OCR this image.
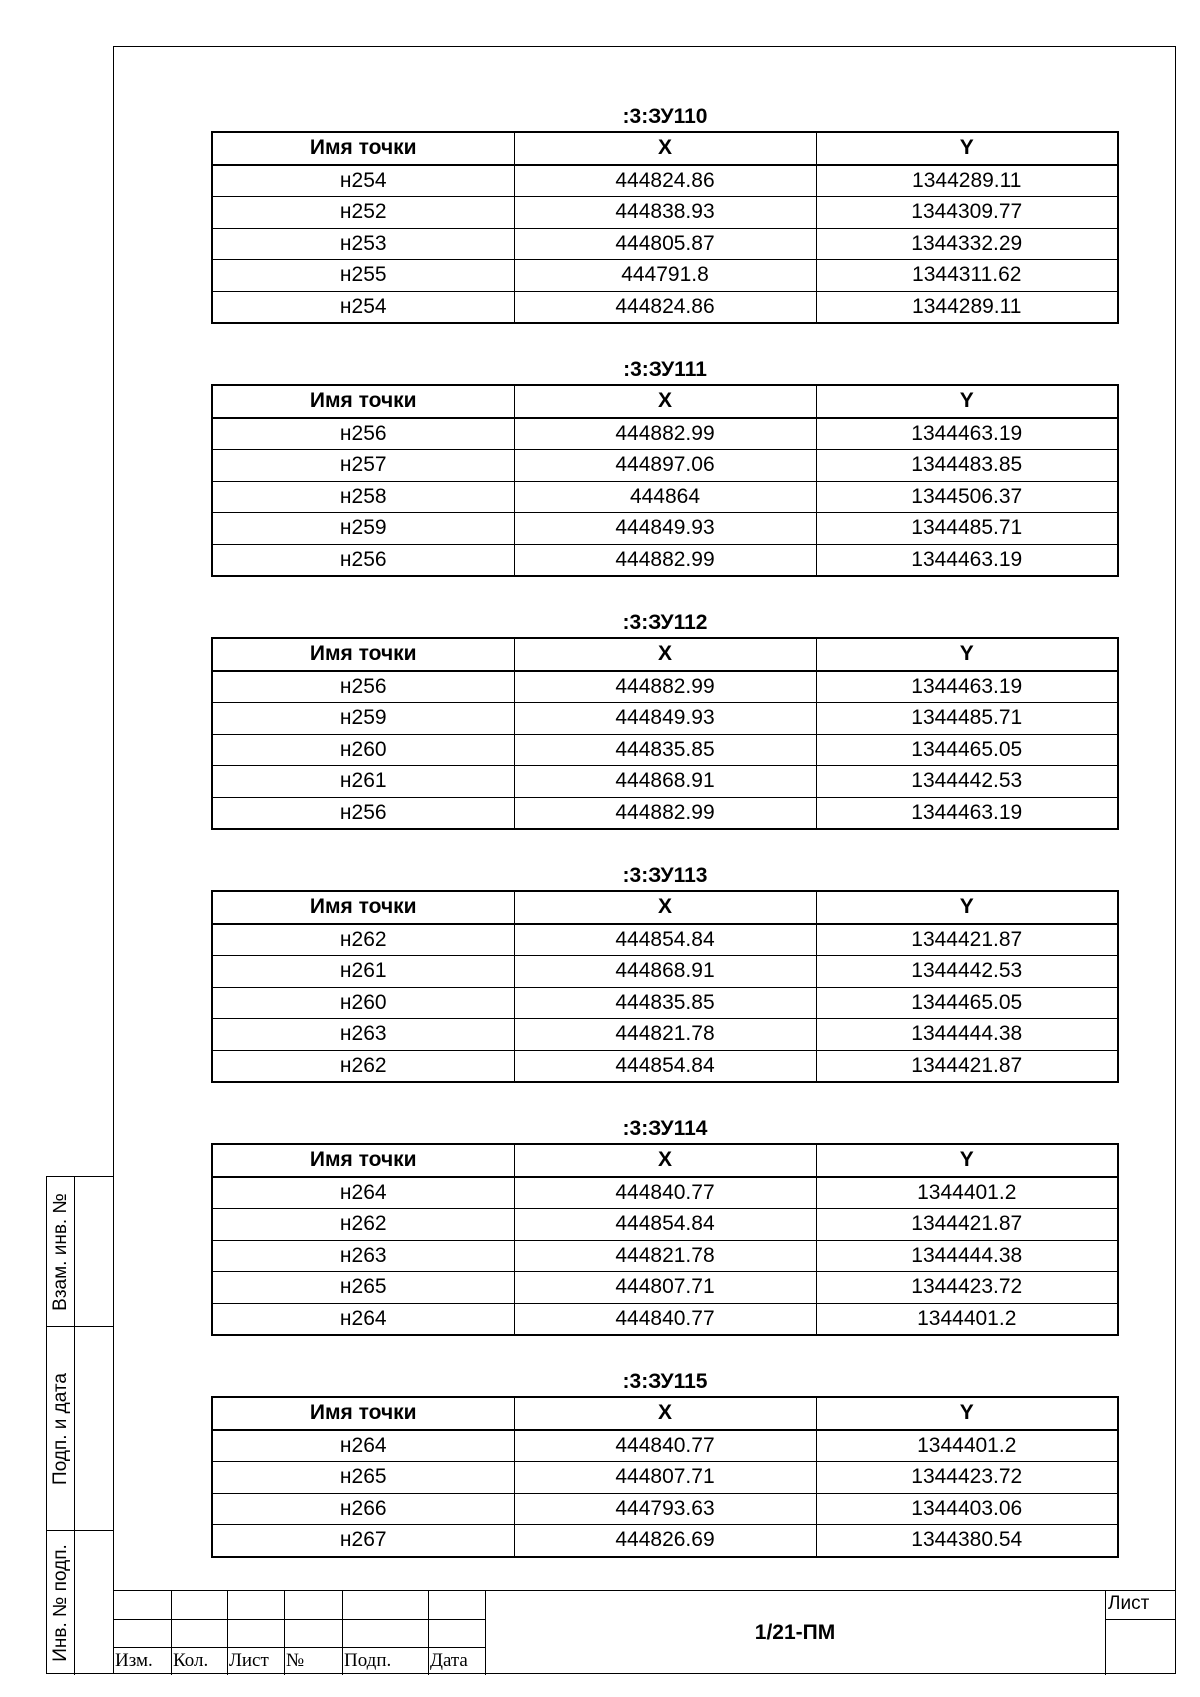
:3:ЗУ110
Имя точки	X	Y
н254	444824.86	1344289.11
н252	444838.93	1344309.77
н253	444805.87	1344332.29
н255	444791.8	1344311.62
н254	444824.86	1344289.11
:3:ЗУ111
Имя точки	X	Y
н256	444882.99	1344463.19
н257	444897.06	1344483.85
н258	444864	1344506.37
н259	444849.93	1344485.71
н256	444882.99	1344463.19
:3:ЗУ112
Имя точки	X	Y
н256	444882.99	1344463.19
н259	444849.93	1344485.71
н260	444835.85	1344465.05
н261	444868.91	1344442.53
н256	444882.99	1344463.19
:3:ЗУ113
Имя точки	X	Y
н262	444854.84	1344421.87
н261	444868.91	1344442.53
н260	444835.85	1344465.05
н263	444821.78	1344444.38
н262	444854.84	1344421.87
:3:ЗУ114
Имя точки	X	Y
н264	444840.77	1344401.2
н262	444854.84	1344421.87
н263	444821.78	1344444.38
н265	444807.71	1344423.72
н264	444840.77	1344401.2
:3:ЗУ115
Имя точки	X	Y
н264	444840.77	1344401.2
н265	444807.71	1344423.72
н266	444793.63	1344403.06
н267	444826.69	1344380.54
Взам. инв. №
Подп. и дата
Инв. № подп. Изм. Кол. Лист № Подп. Дата
1/21-ПМ
Лист
